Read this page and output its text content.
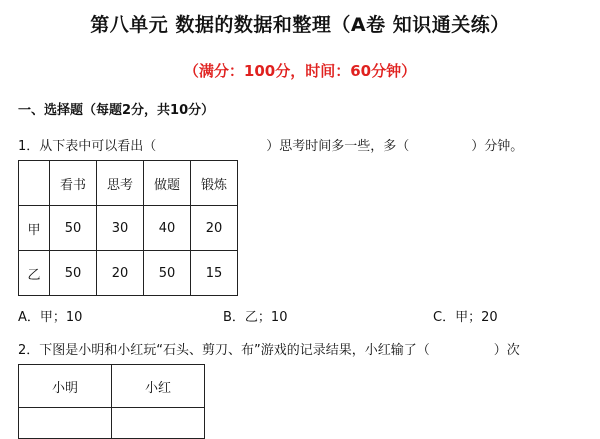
第八单元 数据的数据和整理（A卷 知识通关练）
（满分：100分，时间：60分钟）
一、选择题（每题2分，共10分）
1．从下表中可以看出（	）思考时间多一些，多（	）分钟。
	看书	思考	做题	锻炼
甲	50	30	40	20
乙	50	20	50	15
A．甲；10	B．乙；10	C．甲；20
2．下图是小明和小红玩“石头、剪刀、布”游戏的记录结果，小红输了（	）次
小明	小红
